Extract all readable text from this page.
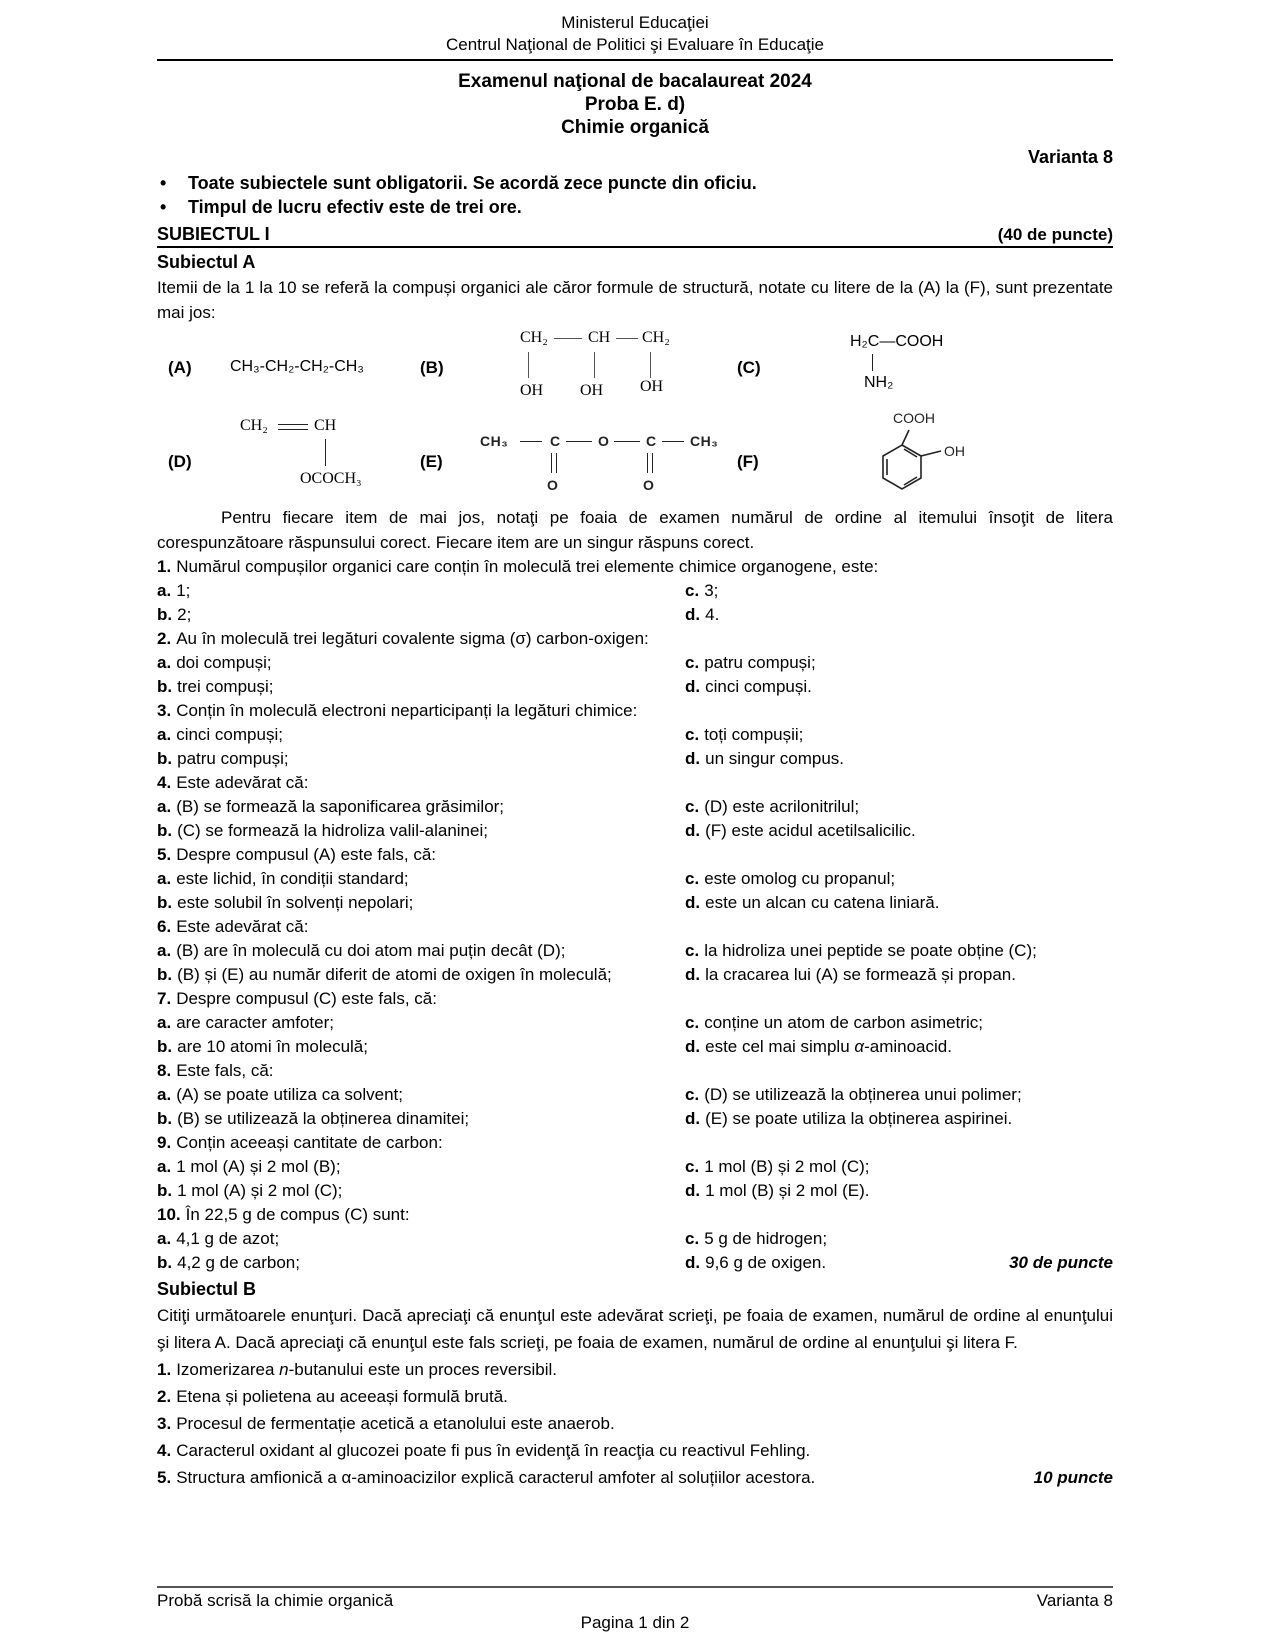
Ministerul Educaţiei
Centrul Naţional de Politici şi Evaluare în Educaţie
Examenul naţional de bacalaureat 2024
Proba E. d)
Chimie organică
Varianta 8
•	Toate subiectele sunt obligatorii. Se acordă zece puncte din oficiu.
•	Timpul de lucru efectiv este de trei ore.
SUBIECTUL I	(40 de puncte)
Subiectul A
Itemii de la 1 la 10 se referă la compuși organici ale căror formule de structură, notate cu litere de la (A) la (F), sunt prezentate mai jos:
(A) CH₃-CH₂-CH₂-CH₃	(B)
CH₂	CH CH₂
OH OH OH
(C)
H₂C—COOH
NH₂
(D)
CH₂	CH
OCOCH₃
(E)
CH₃	C	O	C CH₃
O	O
(F)
COOH
OH
Pentru fiecare item de mai jos, notaţi pe foaia de examen numărul de ordine al itemului însoţit de litera corespunzătoare răspunsului corect. Fiecare item are un singur răspuns corect.
1. Numărul compușilor organici care conțin în moleculă trei elemente chimice organogene, este:
a. 1;	c. 3;
b. 2;	d. 4.
2. Au în moleculă trei legături covalente sigma (σ) carbon-oxigen:
a. doi compuși;	c. patru compuși;
b. trei compuși;	d. cinci compuși.
3. Conțin în moleculă electroni neparticipanți la legături chimice:
a. cinci compuși;	c. toți compușii;
b. patru compuși;	d. un singur compus.
4. Este adevărat că:
a. (B) se formează la saponificarea grăsimilor;	c. (D) este acrilonitrilul;
b. (C) se formează la hidroliza valil-alaninei;	d. (F) este acidul acetilsalicilic.
5. Despre compusul (A) este fals, că:
a. este lichid, în condiții standard;	c. este omolog cu propanul;
b. este solubil în solvenți nepolari;	d. este un alcan cu catena liniară.
6. Este adevărat că:
a. (B) are în moleculă cu doi atom mai puțin decât (D);	c. la hidroliza unei peptide se poate obține (C);
b. (B) și (E) au număr diferit de atomi de oxigen în moleculă;	d. la cracarea lui (A) se formează și propan.
7. Despre compusul (C) este fals, că:
a. are caracter amfoter;	c. conține un atom de carbon asimetric;
b. are 10 atomi în moleculă;	d. este cel mai simplu α-aminoacid.
8. Este fals, că:
a. (A) se poate utiliza ca solvent;	c. (D) se utilizează la obținerea unui polimer;
b. (B) se utilizează la obținerea dinamitei;	d. (E) se poate utiliza la obținerea aspirinei.
9. Conțin aceeași cantitate de carbon:
a. 1 mol (A) și 2 mol (B);	c. 1 mol (B) și 2 mol (C);
b. 1 mol (A) și 2 mol (C);	d. 1 mol (B) și 2 mol (E).
10. În 22,5 g de compus (C) sunt:
a. 4,1 g de azot;	c. 5 g de hidrogen;
b. 4,2 g de carbon;	d. 9,6 g de oxigen.	30 de puncte
Subiectul B
Citiţi următoarele enunţuri. Dacă apreciaţi că enunţul este adevărat scrieţi, pe foaia de examen, numărul de ordine al enunţului şi litera A. Dacă apreciaţi că enunţul este fals scrieţi, pe foaia de examen, numărul de ordine al enunţului şi litera F.
1. Izomerizarea n-butanului este un proces reversibil.
2. Etena și polietena au aceeași formulă brută.
3. Procesul de fermentație acetică a etanolului este anaerob.
4. Caracterul oxidant al glucozei poate fi pus în evidenţă în reacţia cu reactivul Fehling.
5. Structura amfionică a α-aminoacizilor explică caracterul amfoter al soluțiilor acestora.	10 puncte
Probă scrisă la chimie organică	Varianta 8
Pagina 1 din 2
